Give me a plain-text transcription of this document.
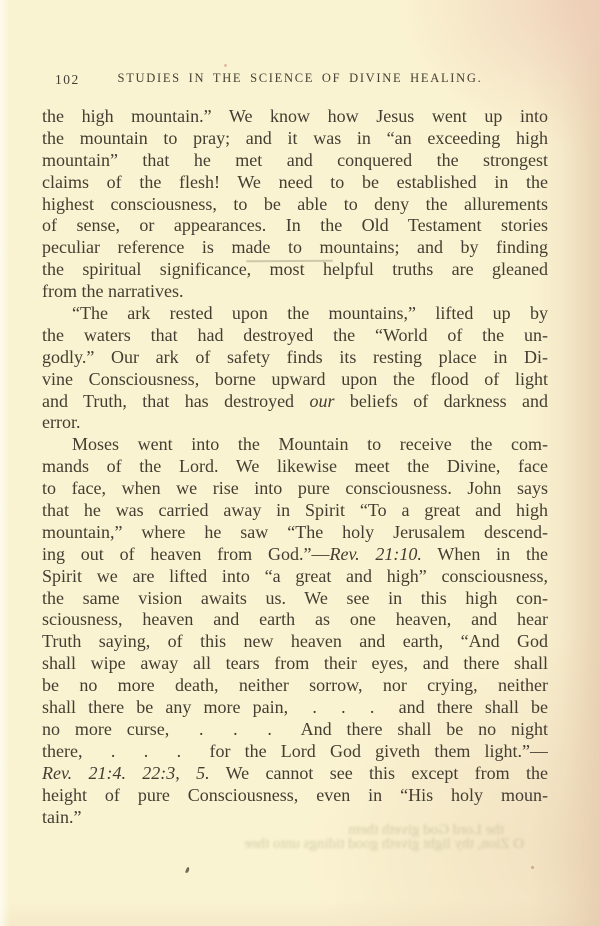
102	STUDIES IN THE SCIENCE OF DIVINE HEALING.
the high mountain.” We know how Jesus went up into
the mountain to pray; and it was in “an exceeding high
mountain” that he met and conquered the strongest
claims of the flesh! We need to be established in the
highest consciousness, to be able to deny the allurements
of sense, or appearances. In the Old Testament stories
peculiar reference is made to mountains; and by finding
the spiritual significance, most helpful truths are gleaned
from the narratives.
“The ark rested upon the mountains,” lifted up by
the waters that had destroyed the “World of the un-
godly.” Our ark of safety finds its resting place in Di-
vine Consciousness, borne upward upon the flood of light
and Truth, that has destroyed our beliefs of darkness and
error.
Moses went into the Mountain to receive the com-
mands of the Lord. We likewise meet the Divine, face
to face, when we rise into pure consciousness. John says
that he was carried away in Spirit “To a great and high
mountain,” where he saw “The holy Jerusalem descend-
ing out of heaven from God.”—Rev. 21:10. When in the
Spirit we are lifted into “a great and high” consciousness,
the same vision awaits us. We see in this high con-
sciousness, heaven and earth as one heaven, and hear
Truth saying, of this new heaven and earth, “And God
shall wipe away all tears from their eyes, and there shall
be no more death, neither sorrow, nor crying, neither
shall there be any more pain,  .  .  .  and there shall be
no more curse,  .  .  .  And there shall be no night
there,  .  .  .  for the Lord God giveth them light.”—
Rev. 21:4. 22:3, 5. We cannot see this except from the
height of pure Consciousness, even in “His holy moun-
tain.”
the Lord God giveth them
O Zion, thy light giveth good tidings unto thee
